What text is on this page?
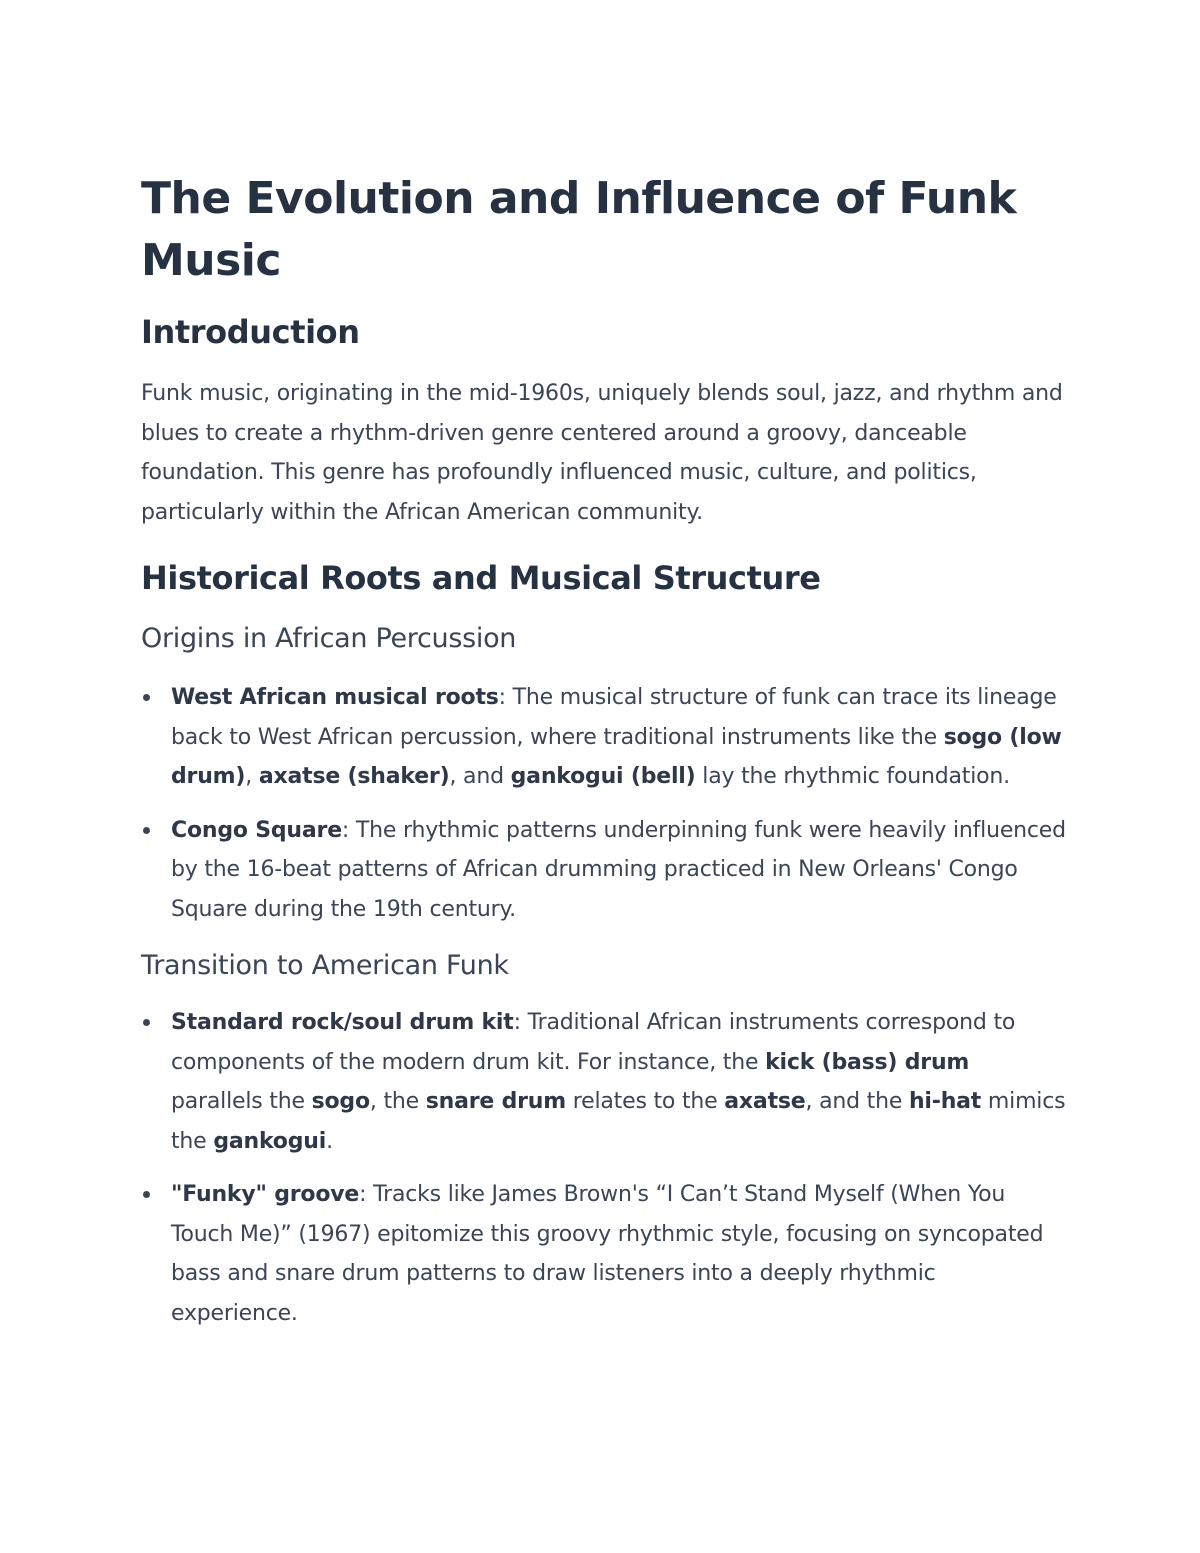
The Evolution and Influence of Funk Music
Introduction

Funk music, originating in the mid-1960s, uniquely blends soul, jazz, and rhythm and blues to create a rhythm-driven genre centered around a groovy, danceable foundation. This genre has profoundly influenced music, culture, and politics, particularly within the African American community.

Historical Roots and Musical Structure
Origins in African Percussion
West African musical roots: The musical structure of funk can trace its lineage back to West African percussion, where traditional instruments like the sogo (low drum), axatse (shaker), and gankogui (bell) lay the rhythmic foundation.
Congo Square: The rhythmic patterns underpinning funk were heavily influenced by the 16-beat patterns of African drumming practiced in New Orleans' Congo Square during the 19th century.
Transition to American Funk
Standard rock/soul drum kit: Traditional African instruments correspond to components of the modern drum kit. For instance, the kick (bass) drum parallels the sogo, the snare drum relates to the axatse, and the hi-hat mimics the gankogui.
"Funky" groove: Tracks like James Brown's “I Can’t Stand Myself (When You Touch Me)” (1967) epitomize this groovy rhythmic style, focusing on syncopated bass and snare drum patterns to draw listeners into a deeply rhythmic experience.
